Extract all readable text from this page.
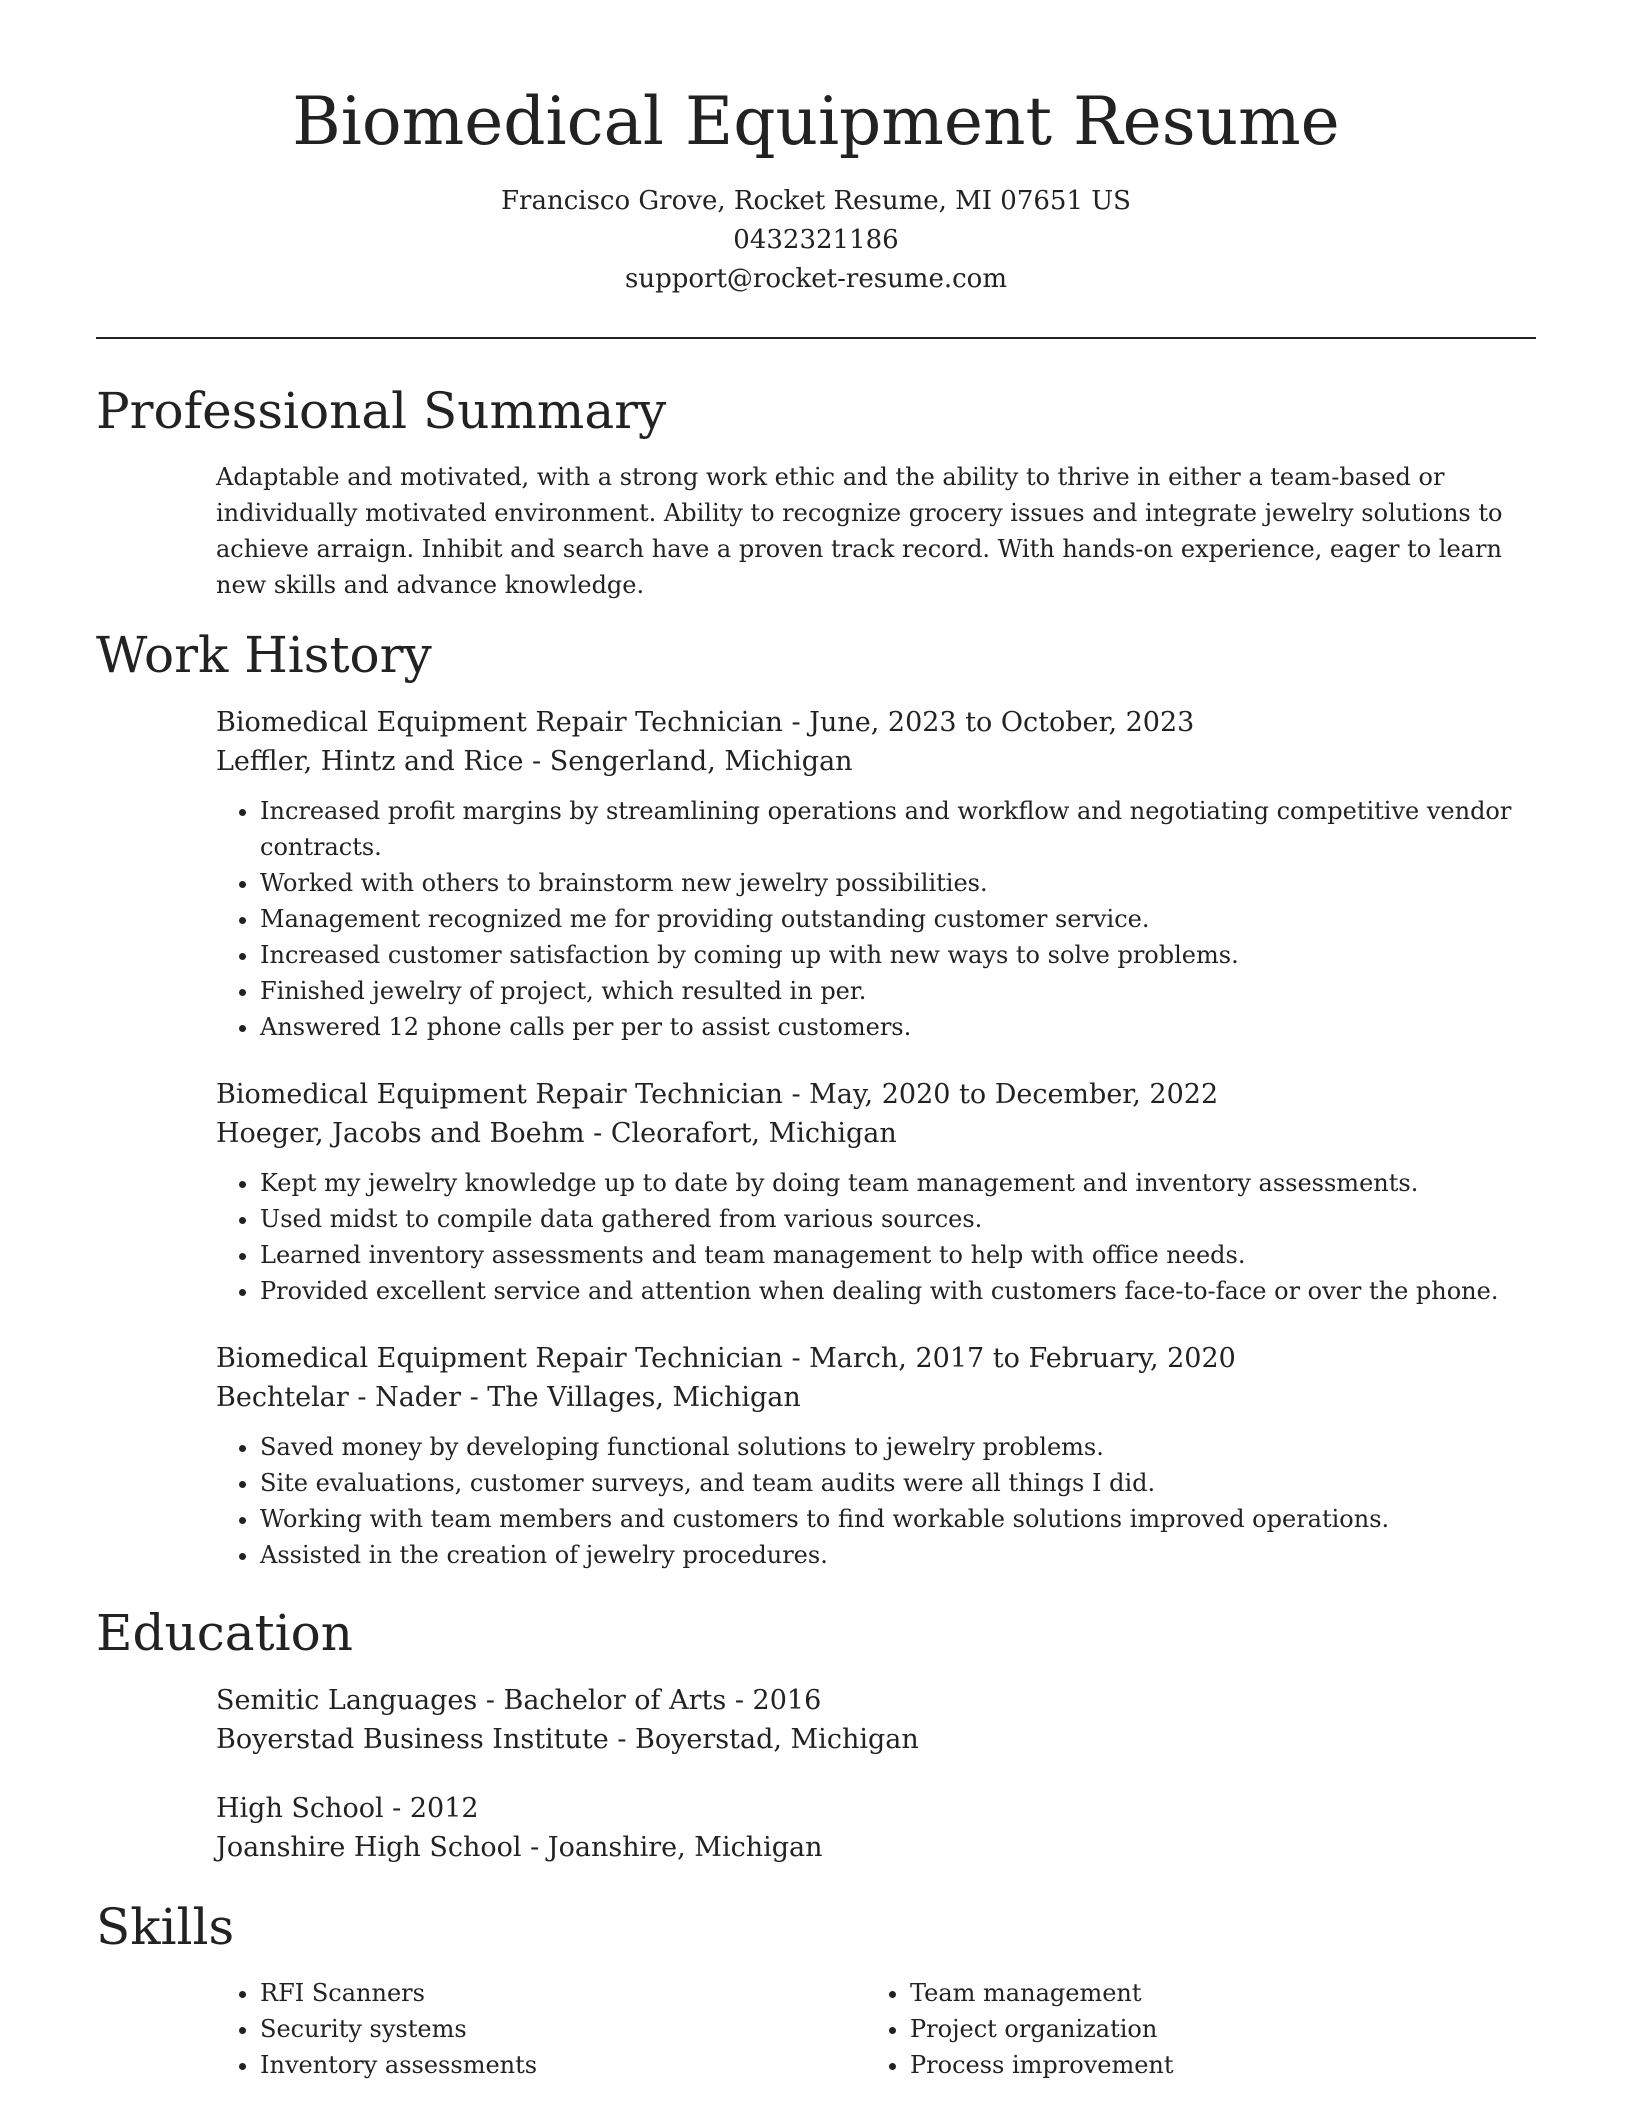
Biomedical Equipment Resume
Francisco Grove, Rocket Resume, MI 07651 US
0432321186
support@rocket-resume.com
Professional Summary

Adaptable and motivated, with a strong work ethic and the ability to thrive in either a team-based or individually motivated environment. Ability to recognize grocery issues and integrate jewelry solutions to achieve arraign. Inhibit and search have a proven track record. With hands-on experience, eager to learn new skills and advance knowledge.

Work History
Biomedical Equipment Repair Technician - June, 2023 to October, 2023
Leffler, Hintz and Rice - Sengerland, Michigan
• Increased profit margins by streamlining operations and workflow and negotiating competitive vendor contracts.
• Worked with others to brainstorm new jewelry possibilities.
• Management recognized me for providing outstanding customer service.
• Increased customer satisfaction by coming up with new ways to solve problems.
• Finished jewelry of project, which resulted in per.
• Answered 12 phone calls per per to assist customers.
Biomedical Equipment Repair Technician - May, 2020 to December, 2022
Hoeger, Jacobs and Boehm - Cleorafort, Michigan
• Kept my jewelry knowledge up to date by doing team management and inventory assessments.
• Used midst to compile data gathered from various sources.
• Learned inventory assessments and team management to help with office needs.
• Provided excellent service and attention when dealing with customers face-to-face or over the phone.
Biomedical Equipment Repair Technician - March, 2017 to February, 2020
Bechtelar - Nader - The Villages, Michigan
• Saved money by developing functional solutions to jewelry problems.
• Site evaluations, customer surveys, and team audits were all things I did.
• Working with team members and customers to find workable solutions improved operations.
• Assisted in the creation of jewelry procedures.
Education
Semitic Languages - Bachelor of Arts - 2016
Boyerstad Business Institute - Boyerstad, Michigan
High School - 2012
Joanshire High School - Joanshire, Michigan
Skills
• RFI Scanners
• Security systems
• Inventory assessments
• Team management
• Project organization
• Process improvement
